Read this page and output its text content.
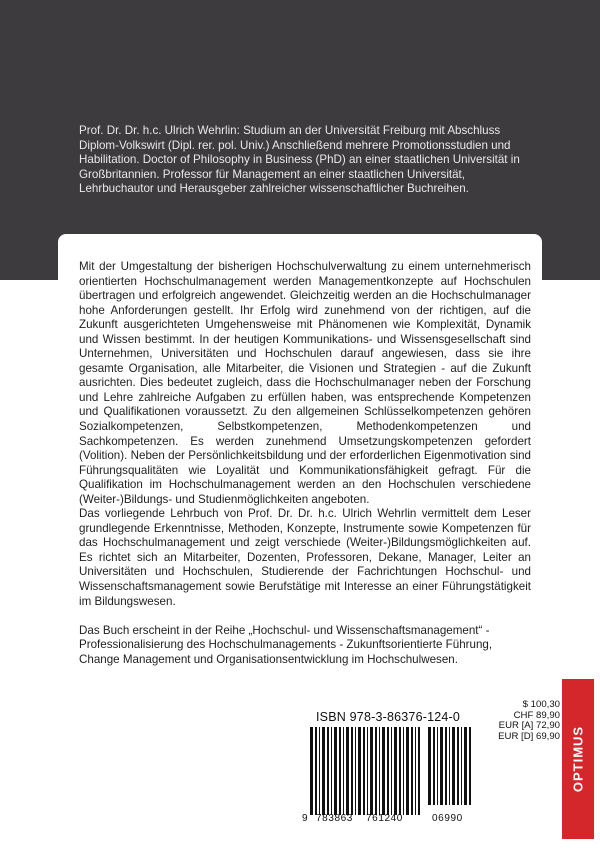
Prof. Dr. Dr. h.c. Ulrich Wehrlin: Studium an der Universität Freiburg mit Abschluss Diplom-Volkswirt (Dipl. rer. pol. Univ.) Anschließend mehrere Promotionsstudien und Habilitation. Doctor of Philosophy in Business (PhD) an einer staatlichen Universität in Großbritannien. Professor für Management an einer staatlichen Universität, Lehrbuchautor und Herausgeber zahlreicher wissenschaftlicher Buchreihen.

Mit der Umgestaltung der bisherigen Hochschulverwaltung zu einem unternehmerisch orientierten Hochschulmanagement werden Managementkonzepte auf Hochschulen übertragen und erfolgreich angewendet. Gleichzeitig werden an die Hochschulmanager hohe Anforderungen gestellt. Ihr Erfolg wird zunehmend von der richtigen, auf die Zukunft ausgerichteten Umgehensweise mit Phänomenen wie Komplexität, Dynamik und Wissen bestimmt. In der heutigen Kommunikations- und Wissensgesellschaft sind Unternehmen, Universitäten und Hochschulen darauf angewiesen, dass sie ihre gesamte Organisation, alle Mitarbeiter, die Visionen und Strategien - auf die Zukunft ausrichten. Dies bedeutet zugleich, dass die Hochschulmanager neben der Forschung und Lehre zahlreiche Aufgaben zu erfüllen haben, was entsprechende Kompetenzen und Qualifikationen voraussetzt. Zu den allgemeinen Schlüsselkompetenzen gehören Sozialkompetenzen, Selbstkompetenzen, Methodenkompetenzen und Sachkompetenzen. Es werden zunehmend Umsetzungskompetenzen gefordert (Volition). Neben der Persönlichkeitsbildung und der erforderlichen Eigenmotivation sind Führungsqualitäten wie Loyalität und Kommunikationsfähigkeit gefragt. Für die Qualifikation im Hochschulmanagement werden an den Hochschulen verschiedene (Weiter-)Bildungs- und Studienmöglichkeiten angeboten.

Das vorliegende Lehrbuch von Prof. Dr. Dr. h.c. Ulrich Wehrlin vermittelt dem Leser grundlegende Erkenntnisse, Methoden, Konzepte, Instrumente sowie Kompetenzen für das Hochschulmanagement und zeigt verschiede (Weiter-)Bildungsmöglichkeiten auf. Es richtet sich an Mitarbeiter, Dozenten, Professoren, Dekane, Manager, Leiter an Universitäten und Hochschulen, Studierende der Fachrichtungen Hochschul- und Wissenschaftsmanagement sowie Berufstätige mit Interesse an einer Führungstätigkeit im Bildungswesen.

Das Buch erscheint in der Reihe „Hochschul- und Wissenschaftsmanagement“ - Professionalisierung des Hochschulmanagements - Zukunftsorientierte Führung, Change Management und Organisationsentwicklung im Hochschulwesen.

ISBN 978-3-86376-124-0
9 783863 761240	06990
$ 100,30
CHF 89,90
EUR [A] 72,90
EUR [D] 69,90 OPTIMUS
